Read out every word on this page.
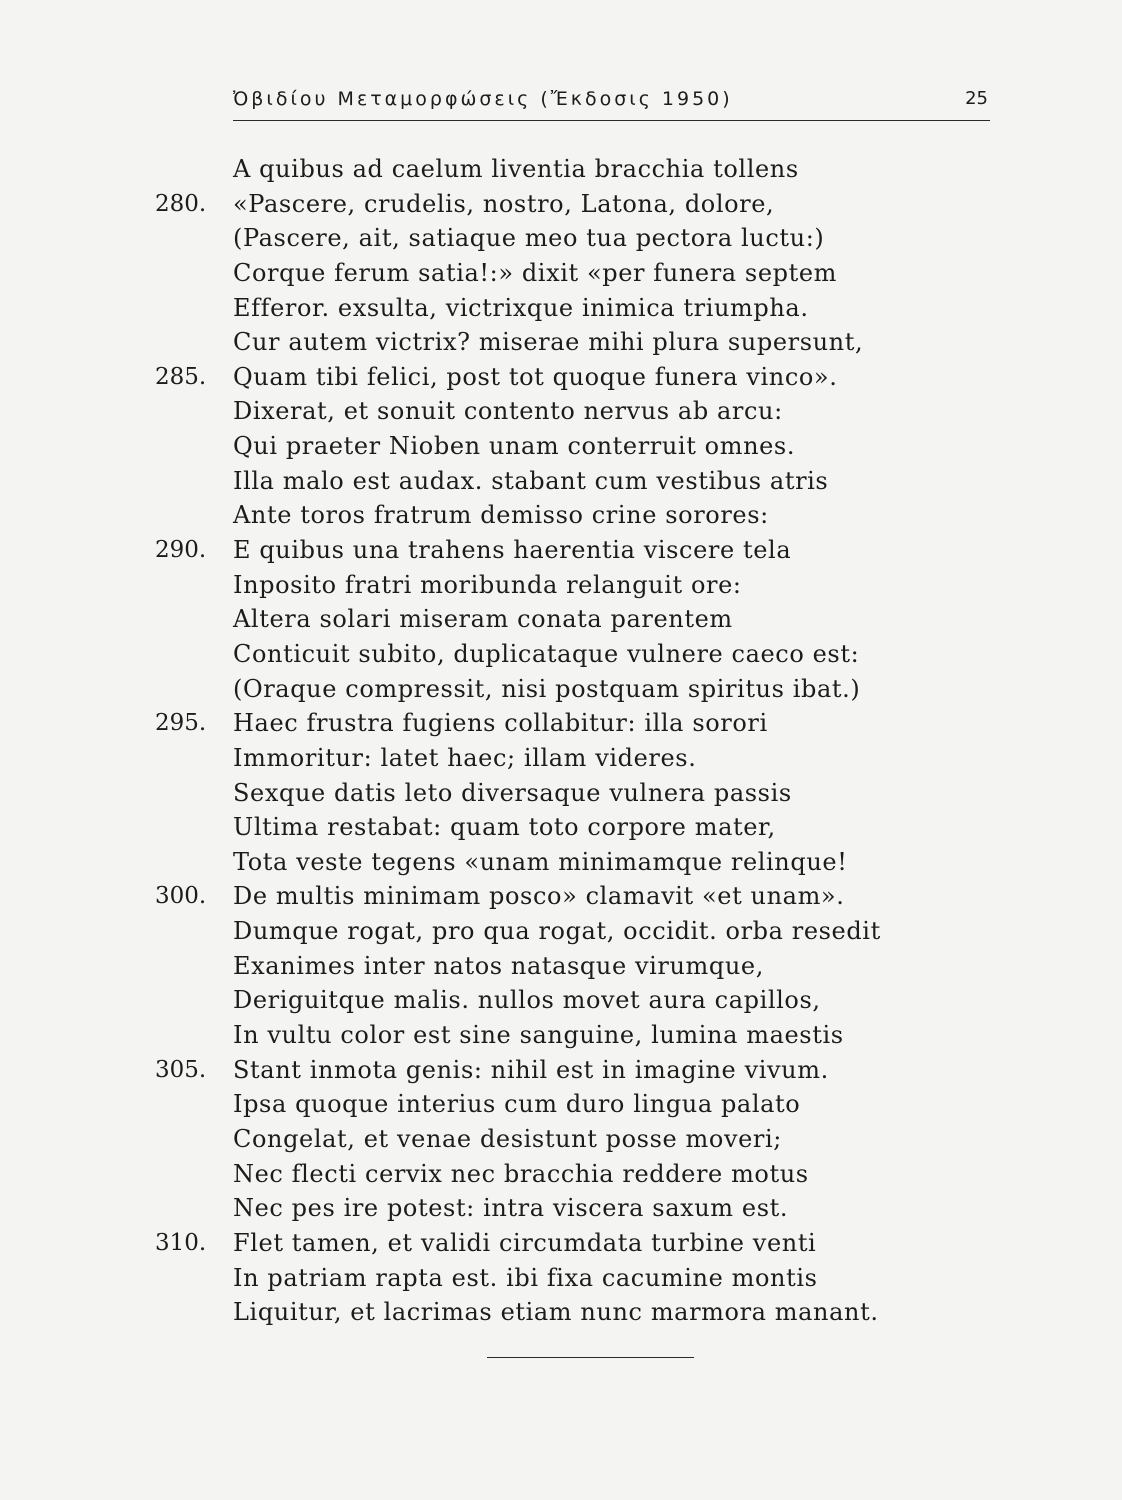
Ὀβιδίου Μεταμορφώσεις (Ἔκδοσις 1950)	25
A quibus ad caelum liventia bracchia tollens
280.	«Pascere, crudelis, nostro, Latona, dolore,
(Pascere, ait, satiaque meo tua pectora luctu:)
Corque ferum satia!:» dixit «per funera septem
Efferor. exsulta, victrixque inimica triumpha.
Cur autem victrix? miserae mihi plura supersunt,
285.	Quam tibi felici, post tot quoque funera vinco».
Dixerat, et sonuit contento nervus ab arcu:
Qui praeter Nioben unam conterruit omnes.
Illa malo est audax. stabant cum vestibus atris
Ante toros fratrum demisso crine sorores:
290.	E quibus una trahens haerentia viscere tela
Inposito fratri moribunda relanguit ore:
Altera solari miseram conata parentem
Conticuit subito, duplicataque vulnere caeco est:
(Oraque compressit, nisi postquam spiritus ibat.)
295.	Haec frustra fugiens collabitur: illa sorori
Immoritur: latet haec; illam videres.
Sexque datis leto diversaque vulnera passis
Ultima restabat: quam toto corpore mater,
Tota veste tegens «unam minimamque relinque!
300.	De multis minimam posco» clamavit «et unam».
Dumque rogat, pro qua rogat, occidit. orba resedit
Exanimes inter natos natasque virumque,
Deriguitque malis. nullos movet aura capillos,
In vultu color est sine sanguine, lumina maestis
305.	Stant inmota genis: nihil est in imagine vivum.
Ipsa quoque interius cum duro lingua palato
Congelat, et venae desistunt posse moveri;
Nec flecti cervix nec bracchia reddere motus
Nec pes ire potest: intra viscera saxum est.
310.	Flet tamen, et validi circumdata turbine venti
In patriam rapta est. ibi fixa cacumine montis
Liquitur, et lacrimas etiam nunc marmora manant.
